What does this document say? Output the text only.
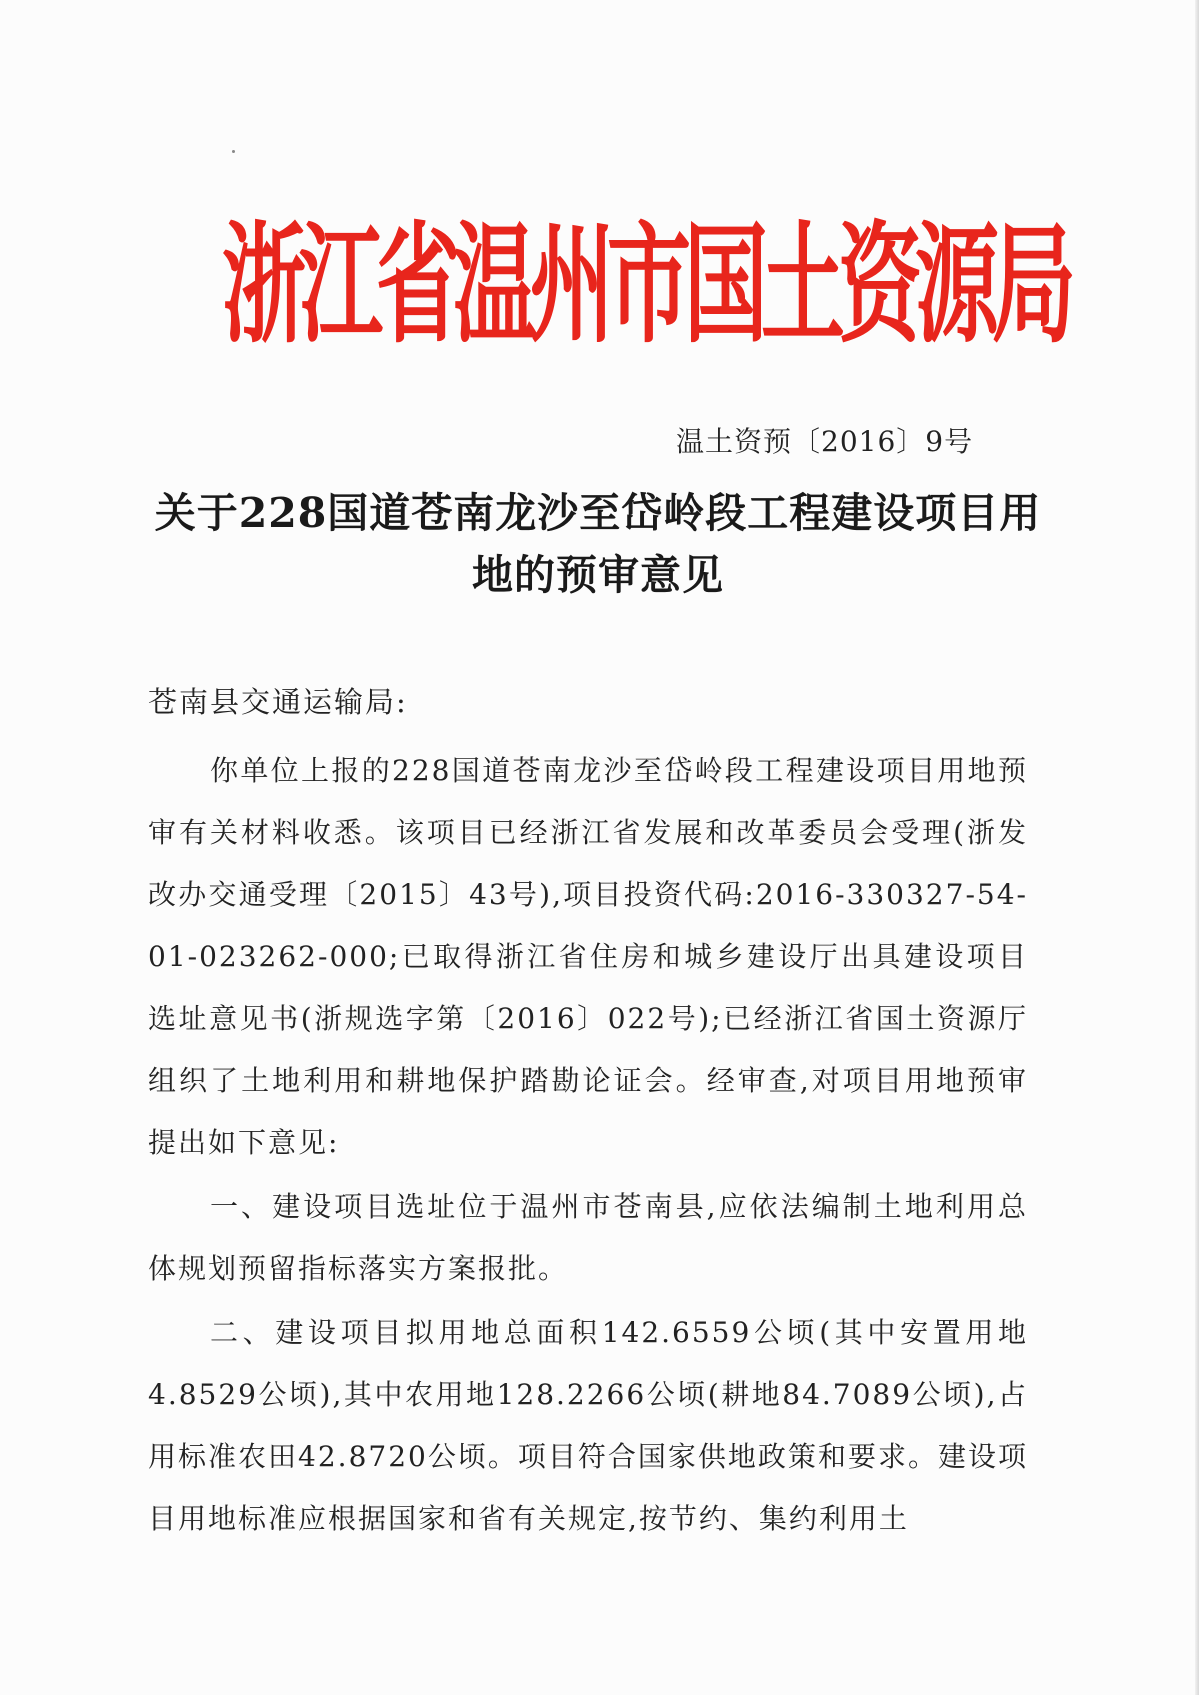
浙江省温州市国土资源局
温土资预〔2016〕9号
关于228国道苍南龙沙至岱岭段工程建设项目用地的预审意见

苍南县交通运输局:

你单位上报的228国道苍南龙沙至岱岭段工程建设项目用地预审有关材料收悉。该项目已经浙江省发展和改革委员会受理(浙发改办交通受理〔2015〕43号),项目投资代码:2016-330327-54-01-023262-000;已取得浙江省住房和城乡建设厅出具建设项目选址意见书(浙规选字第〔2016〕022号);已经浙江省国土资源厅组织了土地利用和耕地保护踏勘论证会。经审查,对项目用地预审提出如下意见:

一、建设项目选址位于温州市苍南县,应依法编制土地利用总体规划预留指标落实方案报批。

二、建设项目拟用地总面积142.6559公顷(其中安置用地4.8529公顷),其中农用地128.2266公顷(耕地84.7089公顷),占用标准农田42.8720公顷。项目符合国家供地政策和要求。建设项目用地标准应根据国家和省有关规定,按节约、集约利用土
